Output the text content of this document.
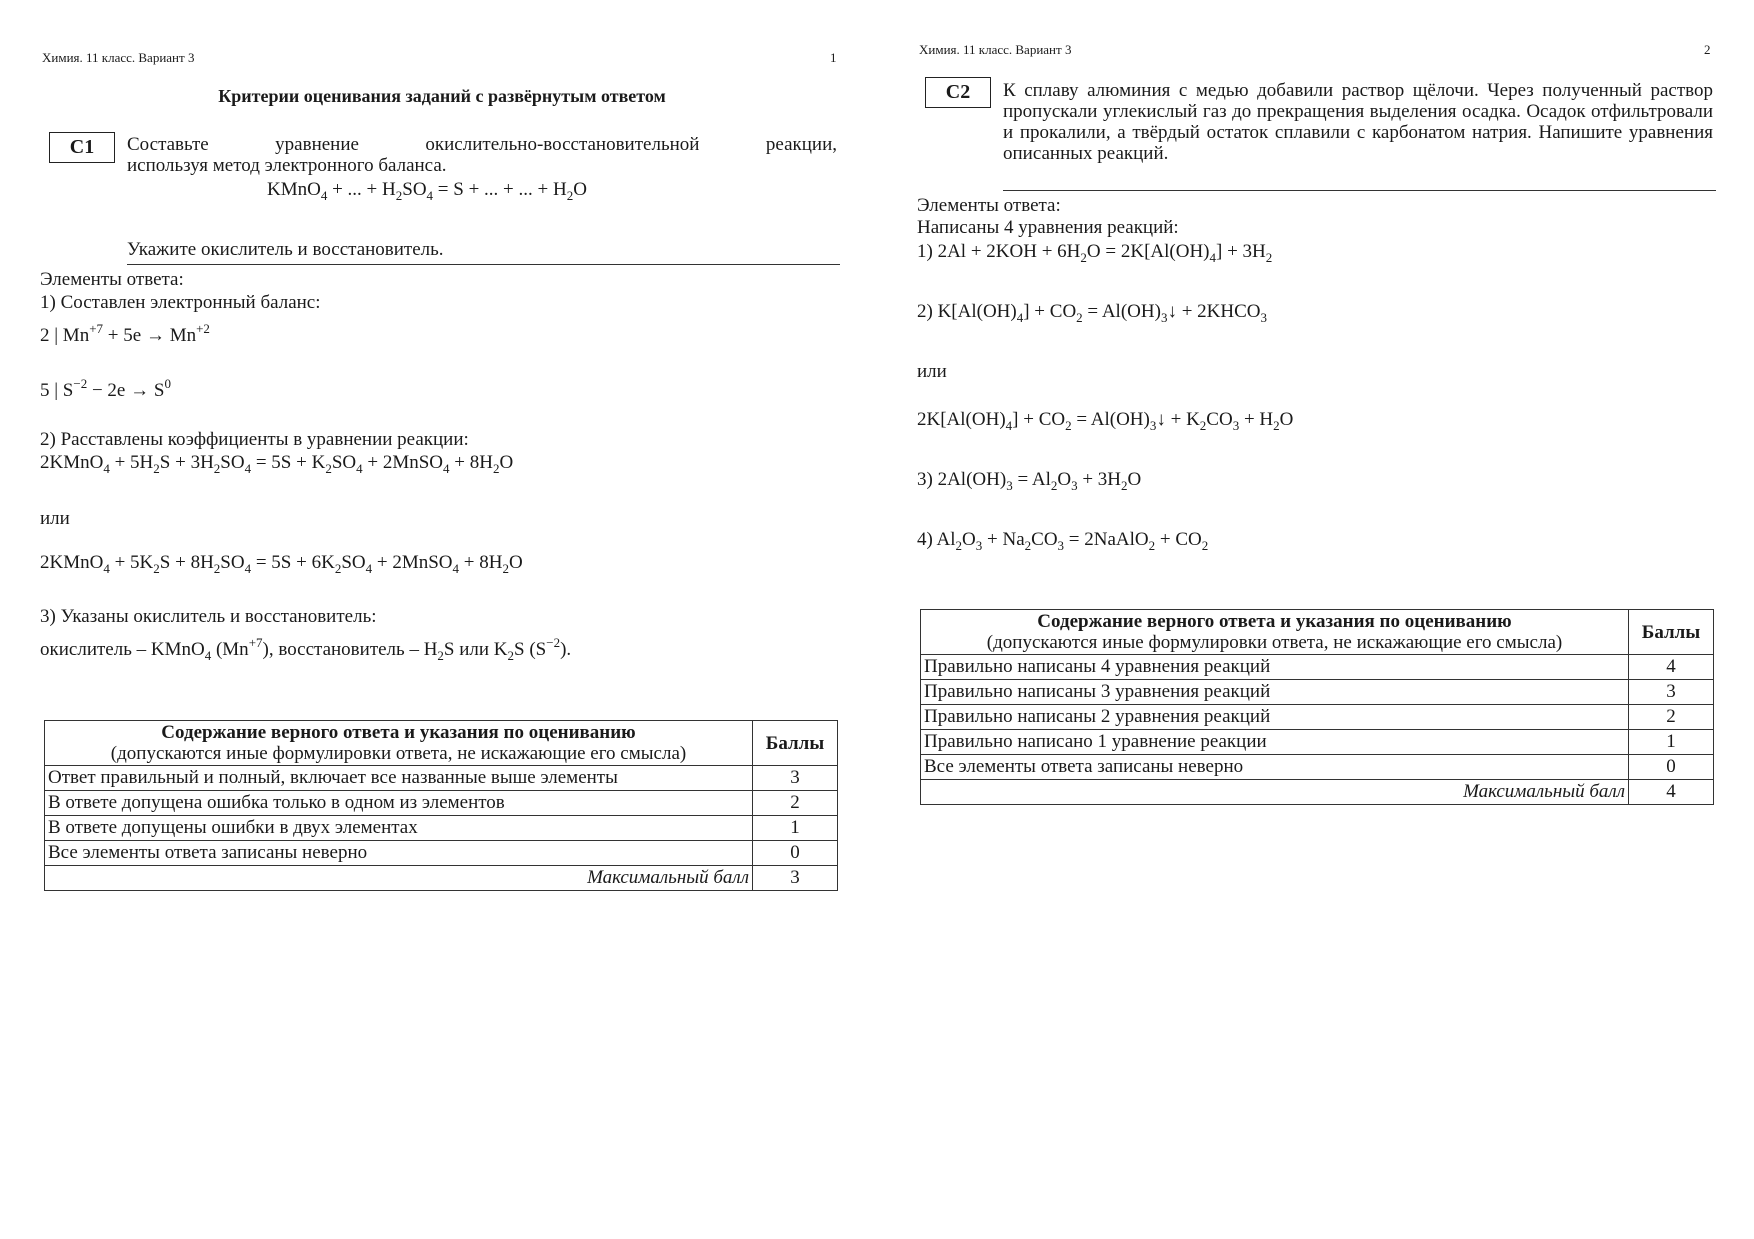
Химия. 11 класс. Вариант 3	1
Критерии оценивания заданий с развёрнутым ответом
С1	Составьте уравнение окислительно-восстановительной реакции,
используя метод электронного баланса.
KMnO$_4$ + ... + $H_2SO_4 = S$ + ... + ... + $H_2O$
Укажите окислитель и восстановитель.
Элементы ответа:
1) Составлен электронный баланс:
2 | $Mn^{+7} + 5e \to Mn^{+2}$
5 | $S^{-2} - 2e \to S^0$
2) Расставлены коэффициенты в уравнении реакции:
2KMnO$_4$ + $5H_2S + 3H_2SO_4 = 5S + K_2SO_4$ + 2MnSO$_4$ + $8H_2O$
или
2KMnO$_4$ + $5K_2S + 8H_2SO_4 = 5S + 6K_2SO_4$ + 2MnSO$_4$ + $8H_2O$
3) Указаны окислитель и восстановитель:
окислитель – KMnO$_4$ $(Mn^{+7})$, восстановитель – $H_2S$ или $K_2S$ $(S^{-2})$.
Содержание верного ответа и указания по оцениванию
(допускаются иные формулировки ответа, не искажающие его смысла)	Баллы

Ответ правильный и полный, включает все названные выше элементы	3
В ответе допущена ошибка только в одном из элементов	2
В ответе допущены ошибки в двух элементах	1
Все элементы ответа записаны неверно	0
Максимальный балл	3
Химия. 11 класс. Вариант 3	2
С2	К сплаву алюминия с медью добавили раствор щёлочи. Через полученный раствор пропускали углекислый газ до прекращения выделения осадка. Осадок отфильтровали и прокалили, а твёрдый остаток сплавили с карбонатом натрия. Напишите уравнения описанных реакций.
Элементы ответа:
Написаны 4 уравнения реакций:
1) $2Al + 2KOH + 6H_2O = 2K[Al(OH)_4] + 3H_2$
2) $K[Al(OH)_4] + CO_2$ = $Al(OH)_3↓$ + $2KHCO_3$
или
$2K[Al(OH)_4] + CO_2$ = $Al(OH)_3↓ + K_2CO_3 + H_2O$
3) $2Al(OH)_3 = Al_2O_3 + 3H_2O$
4) $Al_2O_3 + Na_2CO_3$ = 2NaAlO$_2$ + $CO_2$
Содержание верного ответа и указания по оцениванию
(допускаются иные формулировки ответа, не искажающие его смысла)	Баллы
Правильно написаны 4 уравнения реакций	4
Правильно написаны 3 уравнения реакций	3
Правильно написаны 2 уравнения реакций	2
Правильно написано 1 уравнение реакции	1
Все элементы ответа записаны неверно	0
Максимальный балл	4
